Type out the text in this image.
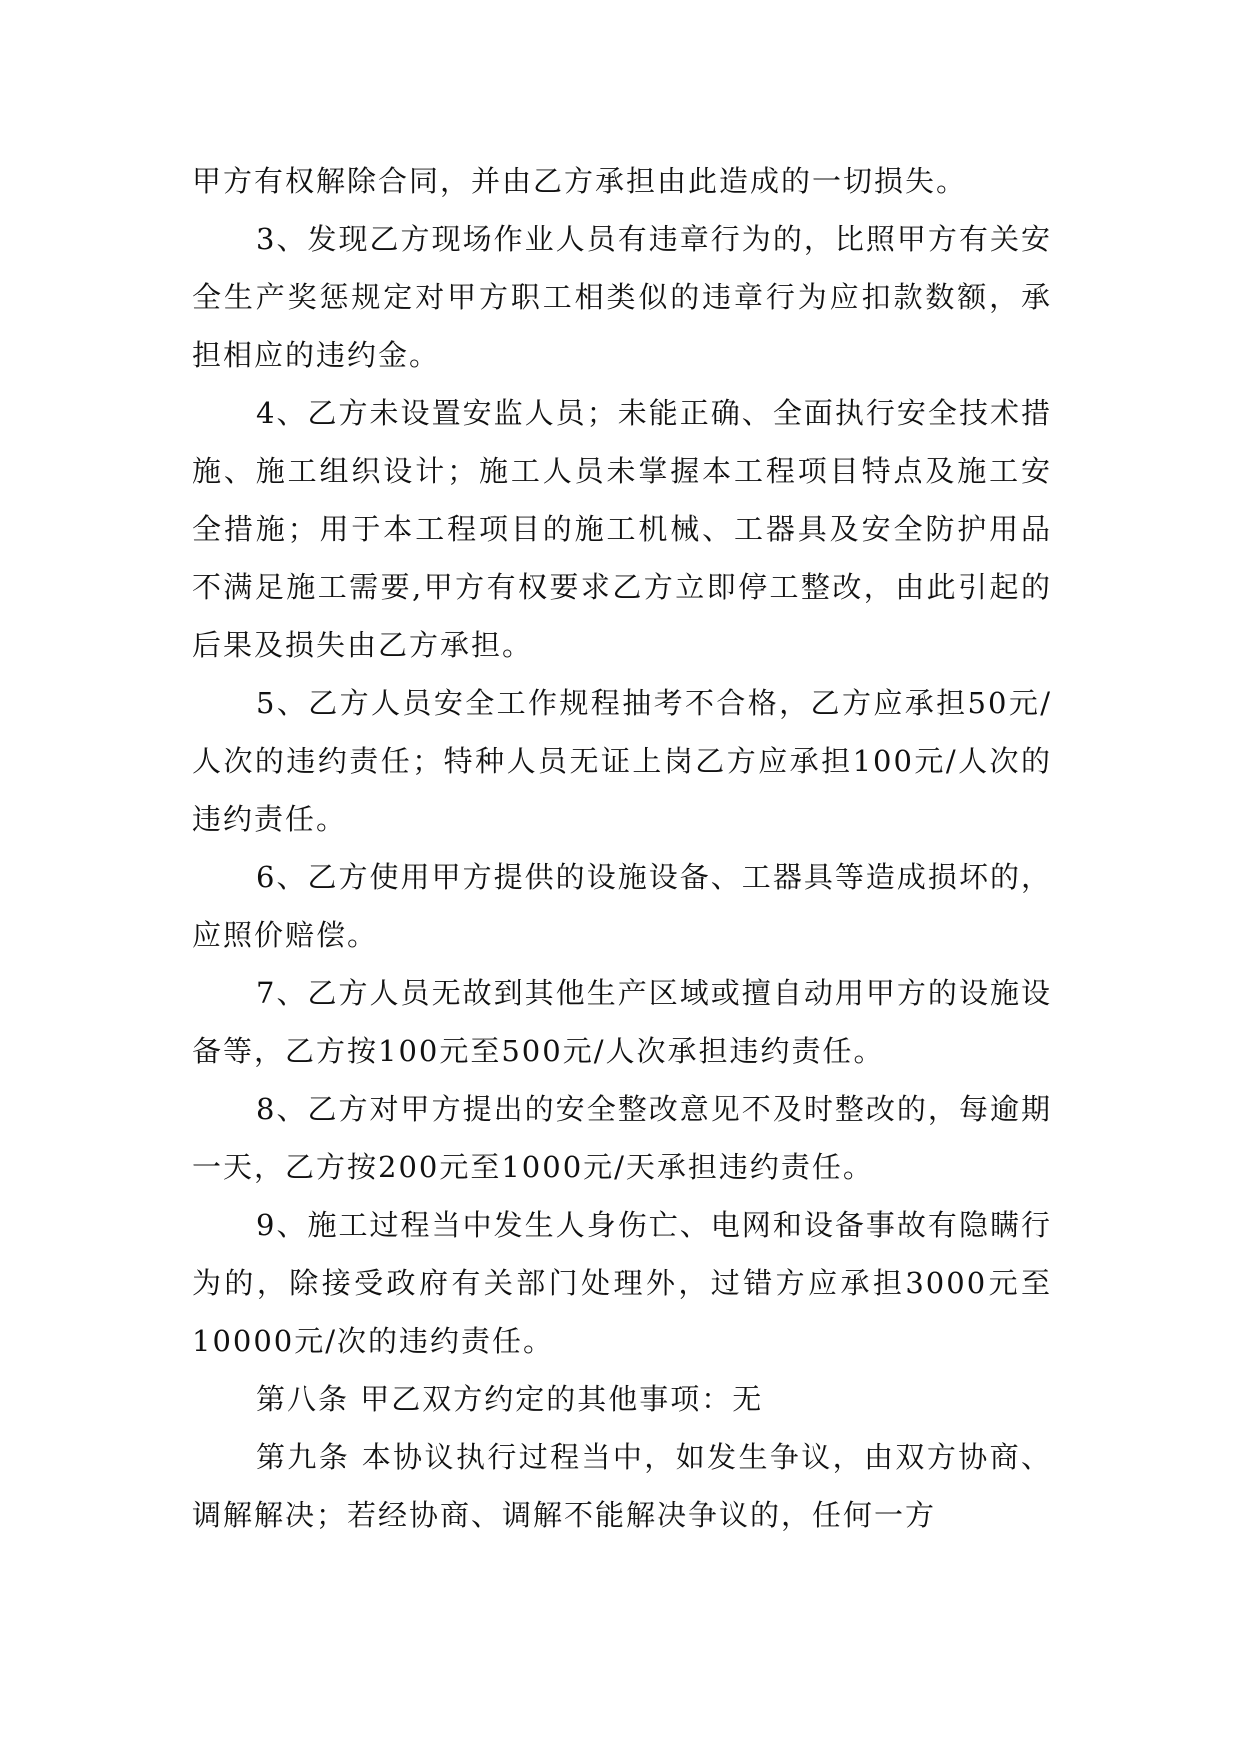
甲方有权解除合同，并由乙方承担由此造成的一切损失。

3、发现乙方现场作业人员有违章行为的，比照甲方有关安全生产奖惩规定对甲方职工相类似的违章行为应扣款数额，承担相应的违约金。

4、乙方未设置安监人员；未能正确、全面执行安全技术措施、施工组织设计；施工人员未掌握本工程项目特点及施工安全措施；用于本工程项目的施工机械、工器具及安全防护用品不满足施工需要,甲方有权要求乙方立即停工整改，由此引起的后果及损失由乙方承担。

5、乙方人员安全工作规程抽考不合格，乙方应承担50元/人次的违约责任；特种人员无证上岗乙方应承担100元/人次的违约责任。

6、乙方使用甲方提供的设施设备、工器具等造成损坏的，应照价赔偿。

7、乙方人员无故到其他生产区域或擅自动用甲方的设施设备等，乙方按100元至500元/人次承担违约责任。

8、乙方对甲方提出的安全整改意见不及时整改的，每逾期一天，乙方按200元至1000元/天承担违约责任。

9、施工过程当中发生人身伤亡、电网和设备事故有隐瞒行为的，除接受政府有关部门处理外，过错方应承担3000元至10000元/次的违约责任。

第八条 甲乙双方约定的其他事项：无

第九条 本协议执行过程当中，如发生争议，由双方协商、调解解决；若经协商、调解不能解决争议的，任何一方
